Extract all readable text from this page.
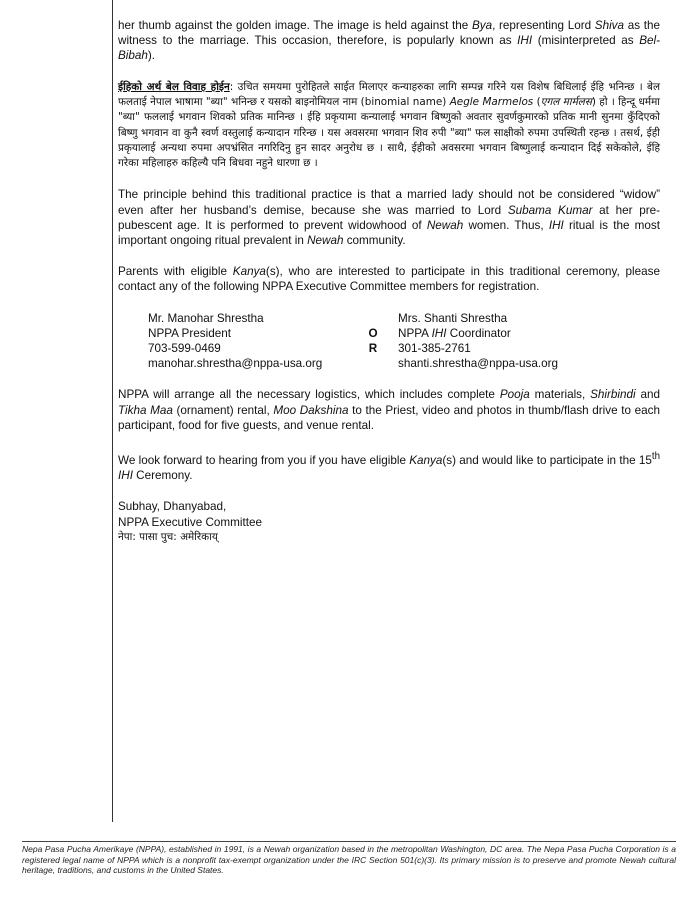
her thumb against the golden image. The image is held against the Bya, representing Lord Shiva as the witness to the marriage. This occasion, therefore, is popularly known as IHI (misinterpreted as Bel-Bibah).

ईहिको अर्थ बेल विवाह होईन: उचित समयमा पुरोहितले साईत मिलाएर कन्याहरुका लागि सम्पन्न गरिने यस विशेष बिधिलाई ईहि भनिन्छ । बेल फलताई नेपाल भाषामा "ब्या" भनिन्छ र यसको बाइनोमियल नाम (binomial name) Aegle Marmelos (एगल मार्मलस) हो । हिन्दू धर्ममा "ब्या" फललाई भगवान शिवको प्रतिक मानिन्छ । ईहि प्रकृयामा कन्यालाई भगवान बिष्णुको अवतार सुवर्णकुमारको प्रतिक मानी सुनमा कुँदिएको बिष्णु भगवान वा कुनै स्वर्ण वस्तुलाई कन्यादान गरिन्छ । यस अवसरमा भगवान शिव रुपी "ब्या" फल साक्षीको रुपमा उपस्थिती रहन्छ । तसर्थ, ईही प्रकृयालाई अन्यथा रुपमा अपभ्रंसित नगरिदिनु हुन सादर अनुरोध छ । साथै, ईहीको अवसरमा भगवान बिष्णुलाई कन्यादान दिई सकेकोले, ईहि गरेका महिलाहरु कहिल्यै पनि बिधवा नहुने धारणा छ ।

The principle behind this traditional practice is that a married lady should not be considered “widow” even after her husband’s demise, because she was married to Lord Subama Kumar at her pre-pubescent age. It is performed to prevent widowhood of Newah women. Thus, IHI ritual is the most important ongoing ritual prevalent in Newah community.

Parents with eligible Kanya(s), who are interested to participate in this traditional ceremony, please contact any of the following NPPA Executive Committee members for registration.

Mr. Manohar Shrestha	Mrs. Shanti Shrestha
NPPA President	O	NPPA IHI Coordinator
703-599-0469	R	301-385-2761
manohar.shrestha@nppa-usa.org	shanti.shrestha@nppa-usa.org

NPPA will arrange all the necessary logistics, which includes complete Pooja materials, Shirbindi and Tikha Maa (ornament) rental, Moo Dakshina to the Priest, video and photos in thumb/flash drive to each participant, food for five guests, and venue rental.

We look forward to hearing from you if you have eligible Kanya(s) and would like to participate in the 15th IHI Ceremony.

Subhay, Dhanyabad,
NPPA Executive Committee
नेपा: पासा पुच: अमेरिकाय्
Nepa Pasa Pucha Amerikaye (NPPA), established in 1991, is a Newah organization based in the metropolitan Washington, DC area. The Nepa Pasa Pucha Corporation is a registered legal name of NPPA which is a nonprofit tax-exempt organization under the IRC Section 501(c)(3). Its primary mission is to preserve and promote Newah cultural heritage, traditions, and customs in the United States.
